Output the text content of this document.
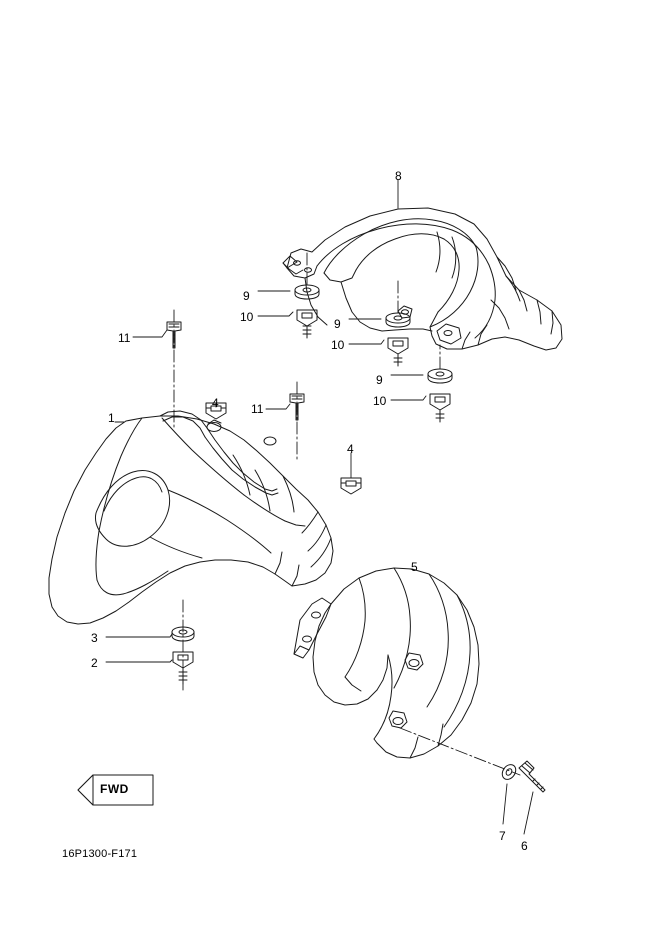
FWD
16P1300-F171
8
9
10	9
10
9
10
11
4	11
1
4
5
3
2
7
6
